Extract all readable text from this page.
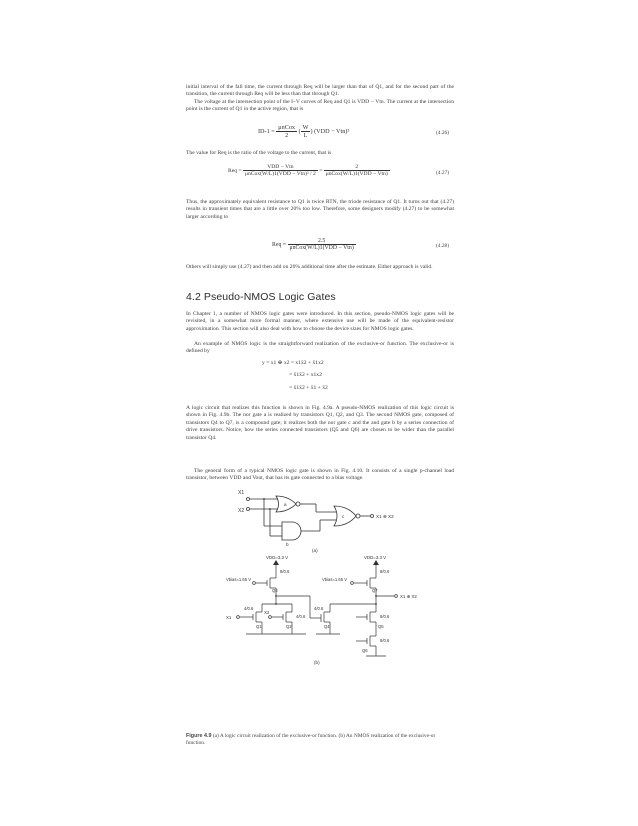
initial interval of the fall time, the current through Req will be larger than that of Q1, and for the second part of the transition, the current through Req will be less than that through Q1.
The voltage at the intersection point of the I–V curves of Req and Q1 is VDD − Vtn. The current at the intersection point is the current of Q1 in the active region, that is
$ID-1 = \frac{\text{μnCox}}{2}$ ( $\frac{W}{L}$ ) (VDD − Vtn)²	(4.26)
The value for Req is the ratio of the voltage to the current, that is
Req = $\frac{\text{VDD − Vtn}}{\text{μnCox(W/L)1(VDD − Vtn)² / 2}} = \frac{2}{\text{μnCox(W/L)1(VDD − Vtn)}}$	(4.27)
Thus, the approximately equivalent resistance to Q1 is twice RTN, the triode resistance of Q1. It turns out that (4.27) results in transient times that are a little over 20% too low. Therefore, some designers modify (4.27) to be somewhat larger according to
Req = $\frac{2.5}{\text{μnCox(W/L)1(VDD − Vtn)}}$	(4.28)
Others will simply use (4.27) and then add on 20% additional time after the estimate. Either approach is valid.
4.2 Pseudo-NMOS Logic Gates
In Chapter 1, a number of NMOS logic gates were introduced. In this section, pseudo-NMOS logic gates will be revisited, in a somewhat more formal manner, where extensive use will be made of the equivalent-resistor approximation. This section will also deal with how to choose the device sizes for NMOS logic gates.
An example of NMOS logic is the straightforward realization of the exclusive-or function. The exclusive-or is defined by
y = x1 ⊕ x2 = x1x̄2 + x̄1x2
= x̄1x̄2 + x1x2
= x̄1x̄2 + x̄1 + x̄2
A logic circuit that realizes this function is shown in Fig. 4.9a. A pseudo-NMOS realization of this logic circuit is shown in Fig. 4.9b. The nor gate a is realized by transistors Q1, Q2, and Q3. The second NMOS gate, composed of transistors Q4 to Q7, is a compound gate; it realizes both the nor gate c and the and gate b by a series connection of drive transistors. Notice, how the series connected transistors (Q5 and Q6) are chosen to be wider than the parallel transistor Q4.
The general form of a typical NMOS logic gate is shown in Fig. 4.10. It consists of a single p-channel load transistor, between VDD and Vout, that has its gate connected to a bias voltage.
X1
X2
a
b
c	X1 ⊕ X2
(a)
VDD=3.3 V	VDD=3.3 V
Vbias=1.65 V	Vbias=1.65 V
8/0.6
Q3
4/0.6
4/0.6
Q1	Q2
8/0.6
Q7
4/0.6
8/0.6
8/0.6
Q4	Q5
Q6
X1
X2
X1 ⊕ X2
(b)
Figure 4.9 (a) A logic circuit realization of the exclusive-or function. (b) An NMOS realization of the exclusive-or function.
